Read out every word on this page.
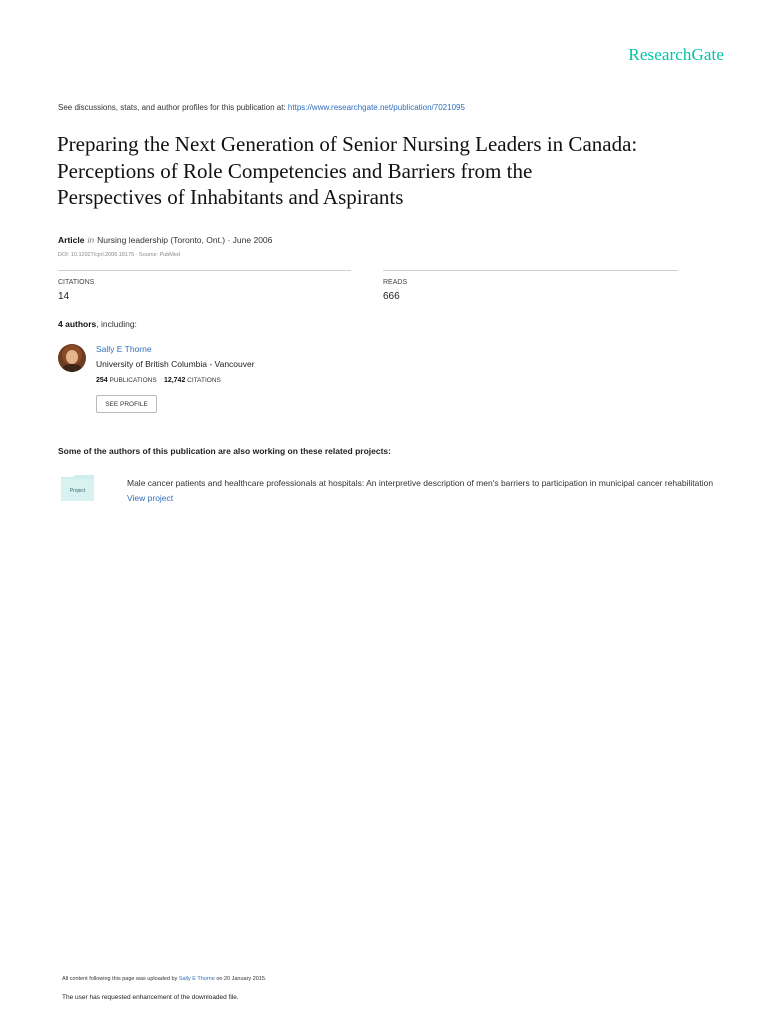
ResearchGate
See discussions, stats, and author profiles for this publication at: https://www.researchgate.net/publication/7021095
Preparing the Next Generation of Senior Nursing Leaders in Canada:
Perceptions of Role Competencies and Barriers from the
Perspectives of Inhabitants and Aspirants
Article in Nursing leadership (Toronto, Ont.) · June 2006
DOI: 10.12927/cjnl.2006.18175 · Source: PubMed
CITATIONS
14
READS
666
4 authors, including:
Sally E Thorne
University of British Columbia - Vancouver
254 PUBLICATIONS 12,742 CITATIONS
SEE PROFILE
Some of the authors of this publication are also working on these related projects:
Project
Male cancer patients and healthcare professionals at hospitals: An interpretive description of men's barriers to participation in municipal cancer rehabilitation View project
All content following this page was uploaded by Sally E Thorne on 20 January 2015.
The user has requested enhancement of the downloaded file.
